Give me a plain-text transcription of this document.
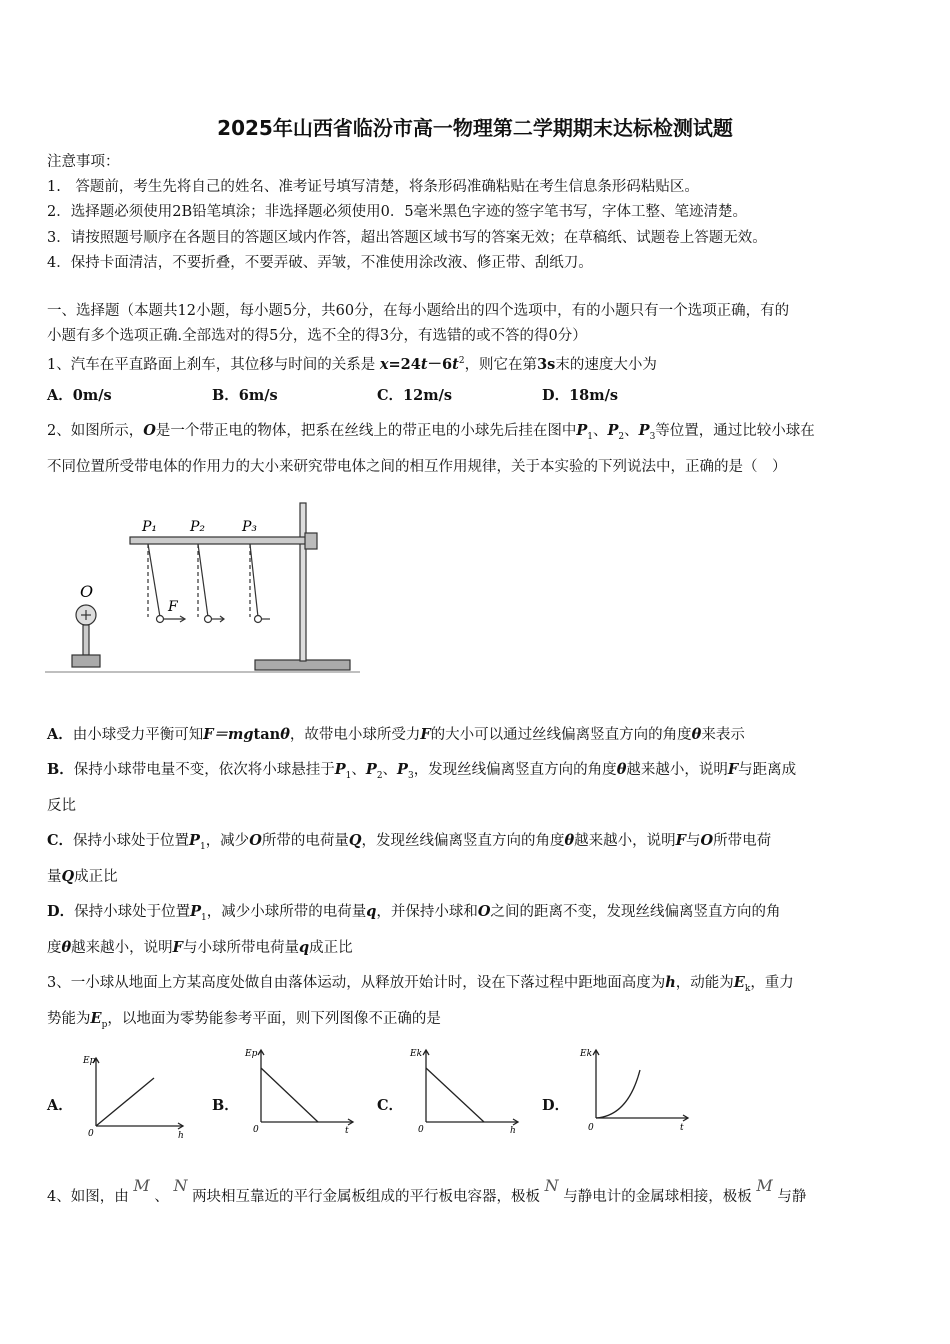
2025年山西省临汾市高一物理第二学期期末达标检测试题
注意事项：
1.　答题前，考生先将自己的姓名、准考证号填写清楚，将条形码准确粘贴在考生信息条形码粘贴区。
2．选择题必须使用2B铅笔填涂；非选择题必须使用0．5毫米黑色字迹的签字笔书写，字体工整、笔迹清楚。
3．请按照题号顺序在各题目的答题区域内作答，超出答题区域书写的答案无效；在草稿纸、试题卷上答题无效。
4．保持卡面清洁，不要折叠，不要弄破、弄皱，不准使用涂改液、修正带、刮纸刀。
一、选择题（本题共12小题，每小题5分，共60分，在每小题给出的四个选项中，有的小题只有一个选项正确，有的
小题有多个选项正确.全部选对的得5分，选不全的得3分，有选错的或不答的得0分）
1、汽车在平直路面上刹车，其位移与时间的关系是 $x=24t-6t^2$，则它在第3s末的速度大小为
A．0m/s	B．6m/s	C．12m/s	D．18m/s
2、如图所示，O是一个带正电的物体，把系在丝线上的带正电的小球先后挂在图中$P_1$、$P_2$、$P_3$等位置，通过比较小球在
不同位置所受带电体的作用力的大小来研究带电体之间的相互作用规律，关于本实验的下列说法中，正确的是（　）
O
F
P₁ P₂	P₃
A．由小球受力平衡可知F＝mgtanθ，故带电小球所受力F的大小可以通过丝线偏离竖直方向的角度θ来表示
B．保持小球带电量不变，依次将小球悬挂于$P_1$、$P_2$、$P_3$，发现丝线偏离竖直方向的角度θ越来越小，说明F与距离成
反比
C．保持小球处于位置$P_1$，减少O所带的电荷量Q，发现丝线偏离竖直方向的角度θ越来越小，说明F与O所带电荷
量Q成正比
D．保持小球处于位置$P_1$，减少小球所带的电荷量q，并保持小球和O之间的距离不变，发现丝线偏离竖直方向的角
度θ越来越小，说明F与小球所带电荷量q成正比
3、一小球从地面上方某高度处做自由落体运动，从释放开始计时，设在下落过程中距地面高度为h，动能为$E_k$，重力
势能为$E_p$，以地面为零势能参考平面，则下列图像不正确的是
A．
Ep
h
0
B．
Ep
t
0
C．
Ek
h
0
D．
Ek
t
0
4、如图，由 M 、 N 两块相互靠近的平行金属板组成的平行板电容器，极板 N 与静电计的金属球相接，极板 M 与静
